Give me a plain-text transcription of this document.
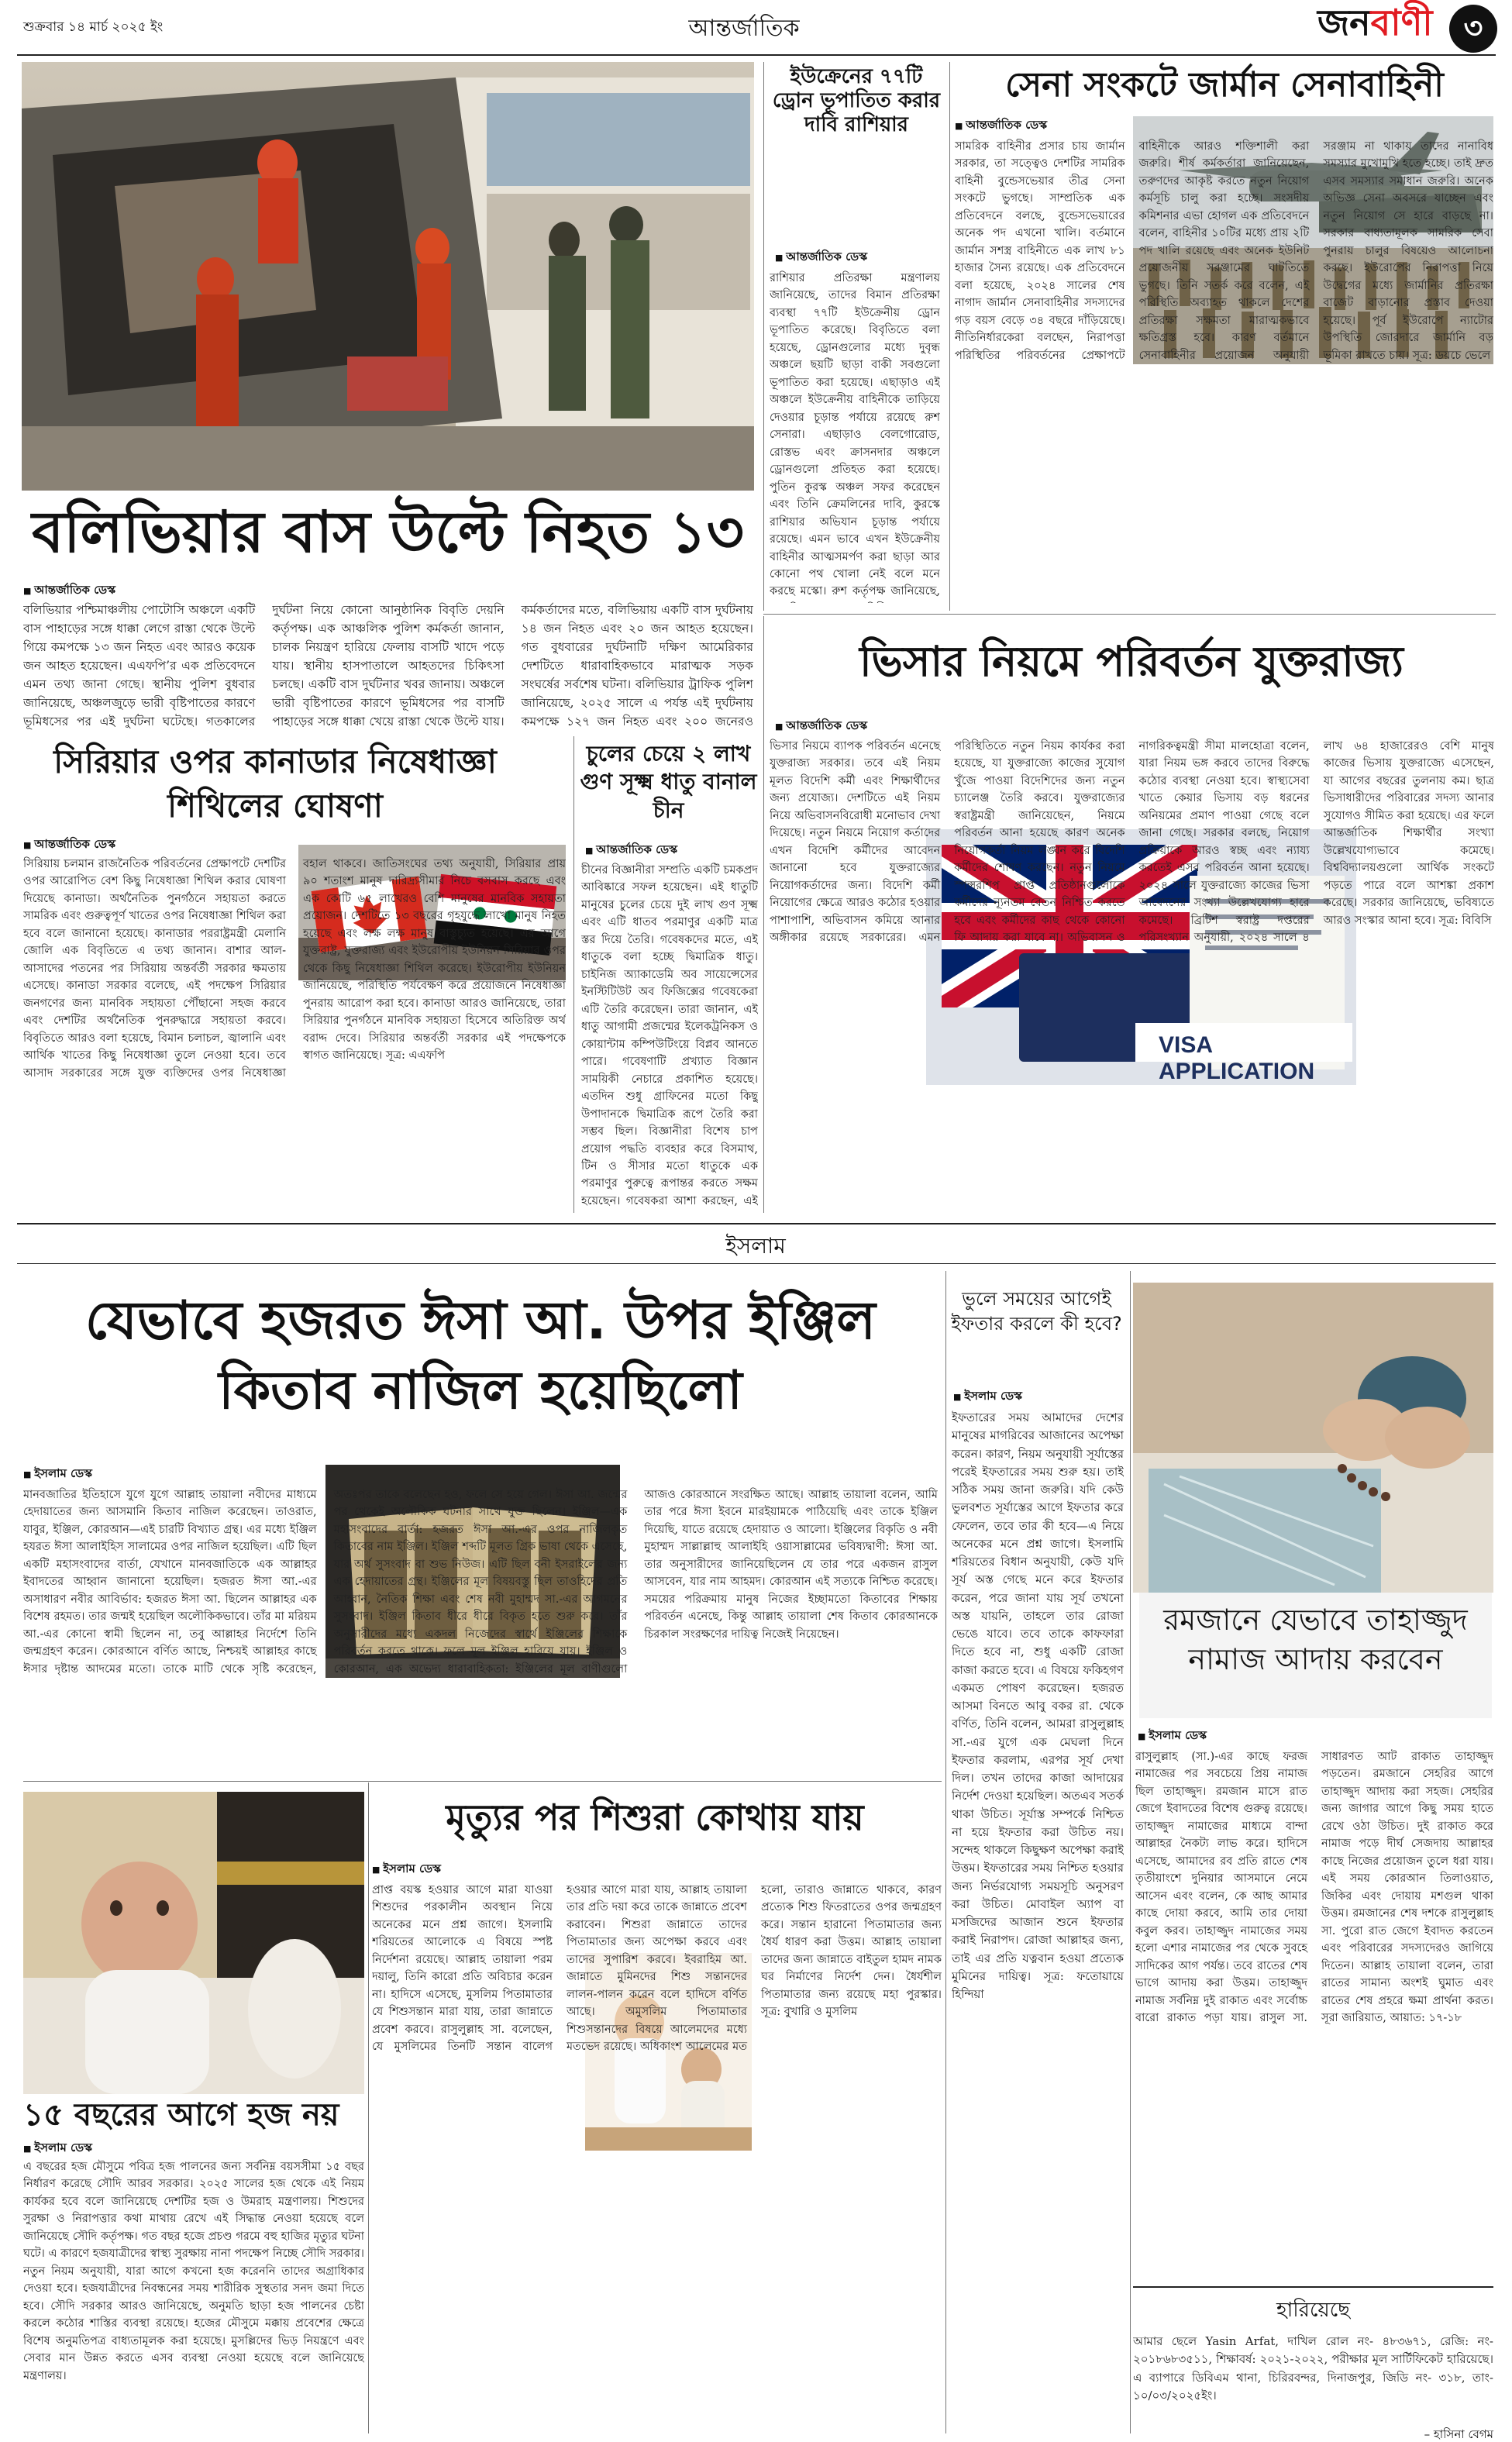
শুক্রবার ১৪ মার্চ ২০২৫ ইং	আন্তর্জাতিক	জনবাণী	৩
বলিভিয়ার বাস উল্টে নিহত ১৩
■ আন্তর্জাতিক ডেস্ক
বলিভিয়ার পশ্চিমাঞ্চলীয় পোটোসি অঞ্চলে একটি বাস পাহাড়ের সঙ্গে ধাক্কা লেগে রাস্তা থেকে উল্টে গিয়ে কমপক্ষে ১৩ জন নিহত এবং আরও কয়েক জন আহত হয়েছেন। এএফপি’র এক প্রতিবেদনে এমন তথ্য জানা গেছে। স্থানীয় পুলিশ বুধবার জানিয়েছে, অঞ্চলজুড়ে ভারী বৃষ্টিপাতের কারণে ভূমিধসের পর এই দুর্ঘটনা ঘটেছে। গতকালের দুর্ঘটনা নিয়ে কোনো আনুষ্ঠানিক বিবৃতি দেয়নি কর্তৃপক্ষ। এক আঞ্চলিক পুলিশ কর্মকর্তা জানান, চালক নিয়ন্ত্রণ হারিয়ে ফেলায় বাসটি খাদে পড়ে যায়। স্থানীয় হাসপাতালে আহতদের চিকিৎসা চলছে। একটি বাস দুর্ঘটনার খবর জানায়। অঞ্চলে ভারী বৃষ্টিপাতের কারণে ভূমিধসের পর বাসটি পাহাড়ের সঙ্গে ধাক্কা খেয়ে রাস্তা থেকে উল্টে যায়। কর্মকর্তাদের মতে, বলিভিয়ায় একটি বাস দুর্ঘটনায় ১৪ জন নিহত এবং ২০ জন আহত হয়েছেন। গত বুধবারের দুর্ঘটনাটি দক্ষিণ আমেরিকার দেশটিতে ধারাবাহিকভাবে মারাত্মক সড়ক সংঘর্ষের সর্বশেষ ঘটনা। বলিভিয়ার ট্রাফিক পুলিশ জানিয়েছে, ২০২৫ সালে এ পর্যন্ত এই দুর্ঘটনায় কমপক্ষে ১২৭ জন নিহত এবং ২০০ জনেরও
ইউক্রেনের ৭৭টি ড্রোন ভূপাতিত করার দাবি রাশিয়ার
■ আন্তর্জাতিক ডেস্ক
রাশিয়ার প্রতিরক্ষা মন্ত্রণালয় জানিয়েছে, তাদের বিমান প্রতিরক্ষা ব্যবস্থা ৭৭টি ইউক্রেনীয় ড্রোন ভূপাতিত করেছে। বিবৃতিতে বলা হয়েছে, ড্রোনগুলোর মধ্যে দুবৃন্ধ অঞ্চলে ছয়টি ছাড়া বাকী সবগুলো ভূপাতিত করা হয়েছে। এছাড়াও এই অঞ্চলে ইউক্রেনীয় বাহিনীকে তাড়িয়ে দেওয়ার চূড়ান্ত পর্যায়ে রয়েছে রুশ সেনারা। এছাড়াও বেলগোরোড, রোস্তভ এবং ক্রাসনদার অঞ্চলে ড্রোনগুলো প্রতিহত করা হয়েছে। পুতিন কুরস্ক অঞ্চল সফর করেছেন এবং তিনি ক্রেমলিনের দাবি, কুরস্কে রাশিয়ার অভিযান চূড়ান্ত পর্যায়ে রয়েছে। এমন ভাবে এখন ইউক্রেনীয় বাহিনীর আত্মসমর্পণ করা ছাড়া আর কোনো পথ খোলা নেই বলে মনে করছে মস্কো। রুশ কর্তৃপক্ষ জানিয়েছে,
সেনা সংকটে জার্মান সেনাবাহিনী
■ আন্তর্জাতিক ডেস্ক
সামরিক বাহিনীর প্রসার চায় জার্মান সরকার, তা সত্ত্বেও দেশটির সামরিক বাহিনী বুন্ডেসভেয়ার তীব্র সেনা সংকটে ভুগছে। সাম্প্রতিক এক প্রতিবেদনে বলছে, বুন্ডেসভেয়ারের অনেক পদ এখনো খালি। বর্তমানে জার্মান সশস্ত্র বাহিনীতে এক লাখ ৮১ হাজার সৈন্য রয়েছে। এক প্রতিবেদনে বলা হয়েছে, ২০২৪ সালের শেষ নাগাদ জার্মান সেনাবাহিনীর সদস্যদের গড় বয়স বেড়ে ৩৪ বছরে দাঁড়িয়েছে। নীতিনির্ধারকেরা বলছেন, নিরাপত্তা পরিস্থিতির পরিবর্তনের প্রেক্ষাপটে বাহিনীকে আরও শক্তিশালী করা জরুরি। শীর্ষ কর্মকর্তারা জানিয়েছেন, তরুণদের আকৃষ্ট করতে নতুন নিয়োগ কর্মসূচি চালু করা হচ্ছে। সংসদীয় কমিশনার এভা হোগল এক প্রতিবেদনে বলেন, বাহিনীর ১০টির মধ্যে প্রায় ২টি পদ খালি রয়েছে এবং অনেক ইউনিট প্রয়োজনীয় সরঞ্জামের ঘাটতিতে ভুগছে। তিনি সতর্ক করে বলেন, এই পরিস্থিতি অব্যাহত থাকলে দেশের প্রতিরক্ষা সক্ষমতা মারাত্মকভাবে ক্ষতিগ্রস্ত হবে। কারণ বর্তমানে সেনাবাহিনীর প্রয়োজন অনুযায়ী সরঞ্জাম না থাকায় তাদের নানাবিধ সমস্যার মুখোমুখি হতে হচ্ছে। তাই দ্রুত এসব সমস্যার সমাধান জরুরি। অনেক অভিজ্ঞ সেনা অবসরে যাচ্ছেন এবং নতুন নিয়োগ সে হারে বাড়ছে না। সরকার বাধ্যতামূলক সামরিক সেবা পুনরায় চালুর বিষয়েও আলোচনা করছে। ইউরোপের নিরাপত্তা নিয়ে উদ্বেগের মধ্যে জার্মানির প্রতিরক্ষা বাজেট বাড়ানোর প্রস্তাব দেওয়া হয়েছে। পূর্ব ইউরোপে ন্যাটোর উপস্থিতি জোরদারে জার্মানি বড় ভূমিকা রাখতে চায়। সূত্র: ডয়চে ভেলে
ভিসার নিয়মে পরিবর্তন যুক্তরাজ্য
■ আন্তর্জাতিক ডেস্ক
VISA APPLICATION
ভিসার নিয়মে ব্যাপক পরিবর্তন এনেছে যুক্তরাজ্য সরকার। তবে এই নিয়ম মূলত বিদেশি কর্মী এবং শিক্ষার্থীদের জন্য প্রযোজ্য। দেশটিতে এই নিয়ম নিয়ে অভিবাসনবিরোধী মনোভাব দেখা দিয়েছে। নতুন নিয়মে নিয়োগ কর্তাদের এখন বিদেশি কর্মীদের আবেদন জানানো হবে যুক্তরাজ্যের নিয়োগকর্তাদের জন্য। বিদেশি কর্মী নিয়োগের ক্ষেত্রে আরও কঠোর হওয়ার পাশাপাশি, অভিবাসন কমিয়ে আনার অঙ্গীকার রয়েছে সরকারের। এমন পরিস্থিতিতে নতুন নিয়ম কার্যকর করা হয়েছে, যা যুক্তরাজ্যে কাজের সুযোগ খুঁজে পাওয়া বিদেশিদের জন্য নতুন চ্যালেঞ্জ তৈরি করবে। যুক্তরাজ্যের স্বরাষ্ট্রমন্ত্রী জানিয়েছেন, নিয়মে পরিবর্তন আনা হয়েছে কারণ অনেক নিয়োগকর্তা নিয়ম লঙ্ঘন করে বিদেশি কর্মীদের শোষণ করছেন। নতুন নিয়মে স্পন্সরশিপ প্রাপ্ত প্রতিষ্ঠানগুলোকে কর্মীদের ন্যূনতম বেতন নিশ্চিত করতে হবে এবং কর্মীদের কাছ থেকে কোনো ফি আদায় করা যাবে না। অভিবাসন ও নাগরিকত্বমন্ত্রী সীমা মালহোত্রা বলেন, যারা নিয়ম ভঙ্গ করবে তাদের বিরুদ্ধে কঠোর ব্যবস্থা নেওয়া হবে। স্বাস্থ্যসেবা খাতে কেয়ার ভিসায় বড় ধরনের অনিয়মের প্রমাণ পাওয়া গেছে বলে জানা গেছে। সরকার বলছে, নিয়োগ প্রক্রিয়াকে আরও স্বচ্ছ এবং ন্যায্য করতেই এসব পরিবর্তন আনা হয়েছে। ২০২৪ সালে যুক্তরাজ্যে কাজের ভিসা আবেদনের সংখ্যা উল্লেখযোগ্য হারে কমেছে। ব্রিটিশ স্বরাষ্ট্র দপ্তরের পরিসংখ্যান অনুযায়ী, ২০২৪ সালে ৪ লাখ ৬৪ হাজারেরও বেশি মানুষ কাজের ভিসায় যুক্তরাজ্যে এসেছেন, যা আগের বছরের তুলনায় কম। ছাত্র ভিসাধারীদের পরিবারের সদস্য আনার সুযোগও সীমিত করা হয়েছে। এর ফলে আন্তর্জাতিক শিক্ষার্থীর সংখ্যা উল্লেখযোগ্যভাবে কমেছে। বিশ্ববিদ্যালয়গুলো আর্থিক সংকটে পড়তে পারে বলে আশঙ্কা প্রকাশ করেছে। সরকার জানিয়েছে, ভবিষ্যতে আরও সংস্কার আনা হবে। সূত্র: বিবিসি
সিরিয়ার ওপর কানাডার নিষেধাজ্ঞা শিথিলের ঘোষণা
■ আন্তর্জাতিক ডেস্ক
সিরিয়ায় চলমান রাজনৈতিক পরিবর্তনের প্রেক্ষাপটে দেশটির ওপর আরোপিত বেশ কিছু নিষেধাজ্ঞা শিথিল করার ঘোষণা দিয়েছে কানাডা। অর্থনৈতিক পুনর্গঠনে সহায়তা করতে সামরিক এবং গুরুত্বপূর্ণ খাতের ওপর নিষেধাজ্ঞা শিথিল করা হবে বলে জানানো হয়েছে। কানাডার পররাষ্ট্রমন্ত্রী মেলানি জোলি এক বিবৃতিতে এ তথ্য জানান। বাশার আল-আসাদের পতনের পর সিরিয়ায় অন্তর্বর্তী সরকার ক্ষমতায় এসেছে। কানাডা সরকার বলেছে, এই পদক্ষেপ সিরিয়ার জনগণের জন্য মানবিক সহায়তা পৌঁছানো সহজ করবে এবং দেশটির অর্থনৈতিক পুনরুদ্ধারে সহায়তা করবে। বিবৃতিতে আরও বলা হয়েছে, বিমান চলাচল, জ্বালানি এবং আর্থিক খাতের কিছু নিষেধাজ্ঞা তুলে নেওয়া হবে। তবে আসাদ সরকারের সঙ্গে যুক্ত ব্যক্তিদের ওপর নিষেধাজ্ঞা বহাল থাকবে। জাতিসংঘের তথ্য অনুযায়ী, সিরিয়ার প্রায় ৯০ শতাংশ মানুষ দারিদ্র্যসীমার নিচে বসবাস করছে এবং এক কোটি ৬৫ লাখেরও বেশি মানুষের মানবিক সহায়তা প্রয়োজন। দেশটিতে ১৩ বছরের গৃহযুদ্ধে লাখো মানুষ নিহত হয়েছে এবং লক্ষ লক্ষ মানুষ বাস্তুচ্যুত হয়েছে। এর আগে যুক্তরাষ্ট্র, যুক্তরাজ্য এবং ইউরোপীয় ইউনিয়ন সিরিয়ার ওপর থেকে কিছু নিষেধাজ্ঞা শিথিল করেছে। ইউরোপীয় ইউনিয়ন জানিয়েছে, পরিস্থিতি পর্যবেক্ষণ করে প্রয়োজনে নিষেধাজ্ঞা পুনরায় আরোপ করা হবে। কানাডা আরও জানিয়েছে, তারা সিরিয়ার পুনর্গঠনে মানবিক সহায়তা হিসেবে অতিরিক্ত অর্থ বরাদ্দ দেবে। সিরিয়ার অন্তর্বর্তী সরকার এই পদক্ষেপকে স্বাগত জানিয়েছে। সূত্র: এএফপি
চুলের চেয়ে ২ লাখ গুণ সূক্ষ্ম ধাতু বানাল চীন
■ আন্তর্জাতিক ডেস্ক
চীনের বিজ্ঞানীরা সম্প্রতি একটি চমকপ্রদ আবিষ্কারে সফল হয়েছেন। এই ধাতুটি মানুষের চুলের চেয়ে দুই লাখ গুণ সূক্ষ্ম এবং এটি ধাতব পরমাণুর একটি মাত্র স্তর দিয়ে তৈরি। গবেষকদের মতে, এই ধাতুকে বলা হচ্ছে দ্বিমাত্রিক ধাতু। চাইনিজ অ্যাকাডেমি অব সায়েন্সেসের ইনস্টিটিউট অব ফিজিক্সের গবেষকেরা এটি তৈরি করেছেন। তারা জানান, এই ধাতু আগামী প্রজন্মের ইলেকট্রনিকস ও কোয়ান্টাম কম্পিউটিংয়ে বিপ্লব আনতে পারে। গবেষণাটি প্রখ্যাত বিজ্ঞান সাময়িকী নেচারে প্রকাশিত হয়েছে। এতদিন শুধু গ্রাফিনের মতো কিছু উপাদানকে দ্বিমাত্রিক রূপে তৈরি করা সম্ভব ছিল। বিজ্ঞানীরা বিশেষ চাপ প্রয়োগ পদ্ধতি ব্যবহার করে বিসমাথ, টিন ও সীসার মতো ধাতুকে এক পরমাণুর পুরুত্বে রূপান্তর করতে সক্ষম হয়েছেন। গবেষকরা আশা করছেন, এই
ইসলাম
যেভাবে হজরত ঈসা আ. উপর ইঞ্জিল কিতাব নাজিল হয়েছিলো
■ ইসলাম ডেস্ক
মানবজাতির ইতিহাসে যুগে যুগে আল্লাহ তায়ালা নবীদের মাধ্যমে হেদায়াতের জন্য আসমানি কিতাব নাজিল করেছেন। তাওরাত, যাবুর, ইঞ্জিল, কোরআন—এই চারটি বিখ্যাত গ্রন্থ। এর মধ্যে ইঞ্জিল হযরত ঈসা আলাইহিস সালামের ওপর নাজিল হয়েছিল। এটি ছিল একটি মহাসংবাদের বার্তা, যেখানে মানবজাতিকে এক আল্লাহর ইবাদতের আহ্বান জানানো হয়েছিল। হজরত ঈসা আ.-এর অসাধারণ নবীর আবির্ভাব: হজরত ঈসা আ. ছিলেন আল্লাহর এক বিশেষ রহমত। তার জন্মই হয়েছিল অলৌকিকভাবে। তাঁর মা মরিয়ম আ.-এর কোনো স্বামী ছিলেন না, তবু আল্লাহর নির্দেশে তিনি জন্মগ্রহণ করেন। কোরআনে বর্ণিত আছে, নিশ্চয়ই আল্লাহর কাছে ঈসার দৃষ্টান্ত আদমের মতো। তাকে মাটি থেকে সৃষ্টি করেছেন, অতঃপর তাকে বলেছেন হও, ফলে সে হয়ে গেল। ঈসা আ. জন্মের পর থেকেই অলৌকিক ঘটনার সাথে যুক্ত ছিলেন। ইঞ্জিল—এক মহাসংবাদের বার্তা: হজরত ঈসা আ.-এর ওপর নাজিলকৃত কিতাবের নাম ইঞ্জিল। ইঞ্জিল শব্দটি মূলত গ্রিক ভাষা থেকে এসেছে, যার অর্থ সুসংবাদ বা শুভ নিউজ। এটি ছিল বনী ইসরাইলের জন্য এক হেদায়াতের গ্রন্থ। ইঞ্জিলের মূল বিষয়বস্তু ছিল তাওহিদের প্রতি আহ্বান, নৈতিক শিক্ষা এবং শেষ নবী মুহাম্মদ সা.-এর আগমনের সুসংবাদ। ইঞ্জিল কিতাব ধীরে ধীরে বিকৃত হতে শুরু করে। তাঁর অনুসারীদের মধ্যে একদল নিজেদের স্বার্থে ইঞ্জিলের শিক্ষাকে পরিবর্তন করতে থাকে। ফলে মূল ইঞ্জিল হারিয়ে যায়। ইঞ্জিল ও কোরআন, এক অভেদ্য ধারাবাহিকতা: ইঞ্জিলের মূল বাণীগুলো আজও কোরআনে সংরক্ষিত আছে। আল্লাহ তায়ালা বলেন, আমি তার পরে ঈসা ইবনে মারইয়ামকে পাঠিয়েছি এবং তাকে ইঞ্জিল দিয়েছি, যাতে রয়েছে হেদায়াত ও আলো। ইঞ্জিলের বিকৃতি ও নবী মুহাম্মদ সাল্লাল্লাহু আলাইহি ওয়াসাল্লামের ভবিষ্যদ্বাণী: ঈসা আ. তার অনুসারীদের জানিয়েছিলেন যে তার পরে একজন রাসুল আসবেন, যার নাম আহমদ। কোরআন এই সত্যকে নিশ্চিত করেছে। সময়ের পরিক্রমায় মানুষ নিজের ইচ্ছামতো কিতাবের শিক্ষায় পরিবর্তন এনেছে, কিন্তু আল্লাহ তায়ালা শেষ কিতাব কোরআনকে চিরকাল সংরক্ষণের দায়িত্ব নিজেই নিয়েছেন।
ভুলে সময়ের আগেই ইফতার করলে কী হবে?
■ ইসলাম ডেস্ক
ইফতারের সময় আমাদের দেশের মানুষের মাগরিবের আজানের অপেক্ষা করেন। কারণ, নিয়ম অনুযায়ী সূর্যাস্তের পরেই ইফতারের সময় শুরু হয়। তাই সঠিক সময় জানা জরুরি। যদি কেউ ভুলবশত সূর্যাস্তের আগে ইফতার করে ফেলেন, তবে তার কী হবে—এ নিয়ে অনেকের মনে প্রশ্ন জাগে। ইসলামি শরিয়তের বিধান অনুযায়ী, কেউ যদি সূর্য অস্ত গেছে মনে করে ইফতার করেন, পরে জানা যায় সূর্য তখনো অস্ত যায়নি, তাহলে তার রোজা ভেঙে যাবে। তবে তাকে কাফফারা দিতে হবে না, শুধু একটি রোজা কাজা করতে হবে। এ বিষয়ে ফকিহগণ একমত পোষণ করেছেন। হজরত আসমা বিনতে আবু বকর রা. থেকে বর্ণিত, তিনি বলেন, আমরা রাসুলুল্লাহ সা.-এর যুগে এক মেঘলা দিনে ইফতার করলাম, এরপর সূর্য দেখা দিল। তখন তাদের কাজা আদায়ের নির্দেশ দেওয়া হয়েছিল। অতএব সতর্ক থাকা উচিত। সূর্যাস্ত সম্পর্কে নিশ্চিত না হয়ে ইফতার করা উচিত নয়। সন্দেহ থাকলে কিছুক্ষণ অপেক্ষা করাই উত্তম। ইফতারের সময় নিশ্চিত হওয়ার জন্য নির্ভরযোগ্য সময়সূচি অনুসরণ করা উচিত। মোবাইল অ্যাপ বা মসজিদের আজান শুনে ইফতার করাই নিরাপদ। রোজা আল্লাহর জন্য, তাই এর প্রতি যত্নবান হওয়া প্রত্যেক মুমিনের দায়িত্ব। সূত্র: ফতোয়ায়ে হিন্দিয়া
রমজানে যেভাবে তাহাজ্জুদ নামাজ আদায় করবেন
■ ইসলাম ডেস্ক
রাসুলুল্লাহ (সা.)-এর কাছে ফরজ নামাজের পর সবচেয়ে প্রিয় নামাজ ছিল তাহাজ্জুদ। রমজান মাসে রাত জেগে ইবাদতের বিশেষ গুরুত্ব রয়েছে। তাহাজ্জুদ নামাজের মাধ্যমে বান্দা আল্লাহর নৈকট্য লাভ করে। হাদিসে এসেছে, আমাদের রব প্রতি রাতে শেষ তৃতীয়াংশে দুনিয়ার আসমানে নেমে আসেন এবং বলেন, কে আছ আমার কাছে দোয়া করবে, আমি তার দোয়া কবুল করব। তাহাজ্জুদ নামাজের সময় হলো এশার নামাজের পর থেকে সুবহে সাদিকের আগ পর্যন্ত। তবে রাতের শেষ ভাগে আদায় করা উত্তম। তাহাজ্জুদ নামাজ সর্বনিম্ন দুই রাকাত এবং সর্বোচ্চ বারো রাকাত পড়া যায়। রাসুল সা. সাধারণত আট রাকাত তাহাজ্জুদ পড়তেন। রমজানে সেহরির আগে তাহাজ্জুদ আদায় করা সহজ। সেহরির জন্য জাগার আগে কিছু সময় হাতে রেখে ওঠা উচিত। দুই রাকাত করে নামাজ পড়ে দীর্ঘ সেজদায় আল্লাহর কাছে নিজের প্রয়োজন তুলে ধরা যায়। এই সময় কোরআন তিলাওয়াত, জিকির এবং দোয়ায় মশগুল থাকা উত্তম। রমজানের শেষ দশকে রাসুলুল্লাহ সা. পুরো রাত জেগে ইবাদত করতেন এবং পরিবারের সদস্যদেরও জাগিয়ে দিতেন। আল্লাহ তায়ালা বলেন, তারা রাতের সামান্য অংশই ঘুমাত এবং রাতের শেষ প্রহরে ক্ষমা প্রার্থনা করত। সূরা জারিয়াত, আয়াত: ১৭-১৮
হারিয়েছে
আমার ছেলে Yasin Arfat, দাখিল রোল নং- ৪৮৩৬৭১, রেজি: নং- ২০১৮৬৮৩৫১১, শিক্ষাবর্ষ: ২০২১-২০২২, পরীক্ষার মূল সার্টিফিকেট হারিয়েছে। এ ব্যাপারে ডিবিএম থানা, চিরিরবন্দর, দিনাজপুর, জিডি নং- ৩১৮, তাং- ১০/০৩/২০২৫ইং।
– হাসিনা বেগম
মৃত্যুর পর শিশুরা কোথায় যায়
■ ইসলাম ডেস্ক
প্রাপ্ত বয়স্ক হওয়ার আগে মারা যাওয়া শিশুদের পরকালীন অবস্থান নিয়ে অনেকের মনে প্রশ্ন জাগে। ইসলামি শরিয়তের আলোকে এ বিষয়ে স্পষ্ট নির্দেশনা রয়েছে। আল্লাহ তায়ালা পরম দয়ালু, তিনি কারো প্রতি অবিচার করেন না। হাদিসে এসেছে, মুসলিম পিতামাতার যে শিশুসন্তান মারা যায়, তারা জান্নাতে প্রবেশ করবে। রাসুলুল্লাহ সা. বলেছেন, যে মুসলিমের তিনটি সন্তান বালেগ হওয়ার আগে মারা যায়, আল্লাহ তায়ালা তার প্রতি দয়া করে তাকে জান্নাতে প্রবেশ করাবেন। শিশুরা জান্নাতে তাদের পিতামাতার জন্য অপেক্ষা করবে এবং তাদের সুপারিশ করবে। ইবরাহিম আ. জান্নাতে মুমিনদের শিশু সন্তানদের লালন-পালন করেন বলে হাদিসে বর্ণিত আছে। অমুসলিম পিতামাতার শিশুসন্তানদের বিষয়ে আলেমদের মধ্যে মতভেদ রয়েছে। অধিকাংশ আলেমের মত হলো, তারাও জান্নাতে থাকবে, কারণ প্রত্যেক শিশু ফিতরাতের ওপর জন্মগ্রহণ করে। সন্তান হারানো পিতামাতার জন্য ধৈর্য ধারণ করা উত্তম। আল্লাহ তায়ালা তাদের জন্য জান্নাতে বাইতুল হামদ নামক ঘর নির্মাণের নির্দেশ দেন। ধৈর্যশীল পিতামাতার জন্য রয়েছে মহা পুরস্কার। সূত্র: বুখারি ও মুসলিম
১৫ বছরের আগে হজ নয়
■ ইসলাম ডেস্ক
এ বছরের হজ মৌসুমে পবিত্র হজ পালনের জন্য সর্বনিম্ন বয়সসীমা ১৫ বছর নির্ধারণ করেছে সৌদি আরব সরকার। ২০২৫ সালের হজ থেকে এই নিয়ম কার্যকর হবে বলে জানিয়েছে দেশটির হজ ও উমরাহ মন্ত্রণালয়। শিশুদের সুরক্ষা ও নিরাপত্তার কথা মাথায় রেখে এই সিদ্ধান্ত নেওয়া হয়েছে বলে জানিয়েছে সৌদি কর্তৃপক্ষ। গত বছর হজে প্রচণ্ড গরমে বহু হাজির মৃত্যুর ঘটনা ঘটে। এ কারণে হজযাত্রীদের স্বাস্থ্য সুরক্ষায় নানা পদক্ষেপ নিচ্ছে সৌদি সরকার। নতুন নিয়ম অনুযায়ী, যারা আগে কখনো হজ করেননি তাদের অগ্রাধিকার দেওয়া হবে। হজযাত্রীদের নিবন্ধনের সময় শারীরিক সুস্থতার সনদ জমা দিতে হবে। সৌদি সরকার আরও জানিয়েছে, অনুমতি ছাড়া হজ পালনের চেষ্টা করলে কঠোর শাস্তির ব্যবস্থা রয়েছে। হজের মৌসুমে মক্কায় প্রবেশের ক্ষেত্রে বিশেষ অনুমতিপত্র বাধ্যতামূলক করা হয়েছে। মুসল্লিদের ভিড় নিয়ন্ত্রণে এবং সেবার মান উন্নত করতে এসব ব্যবস্থা নেওয়া হয়েছে বলে জানিয়েছে মন্ত্রণালয়।
